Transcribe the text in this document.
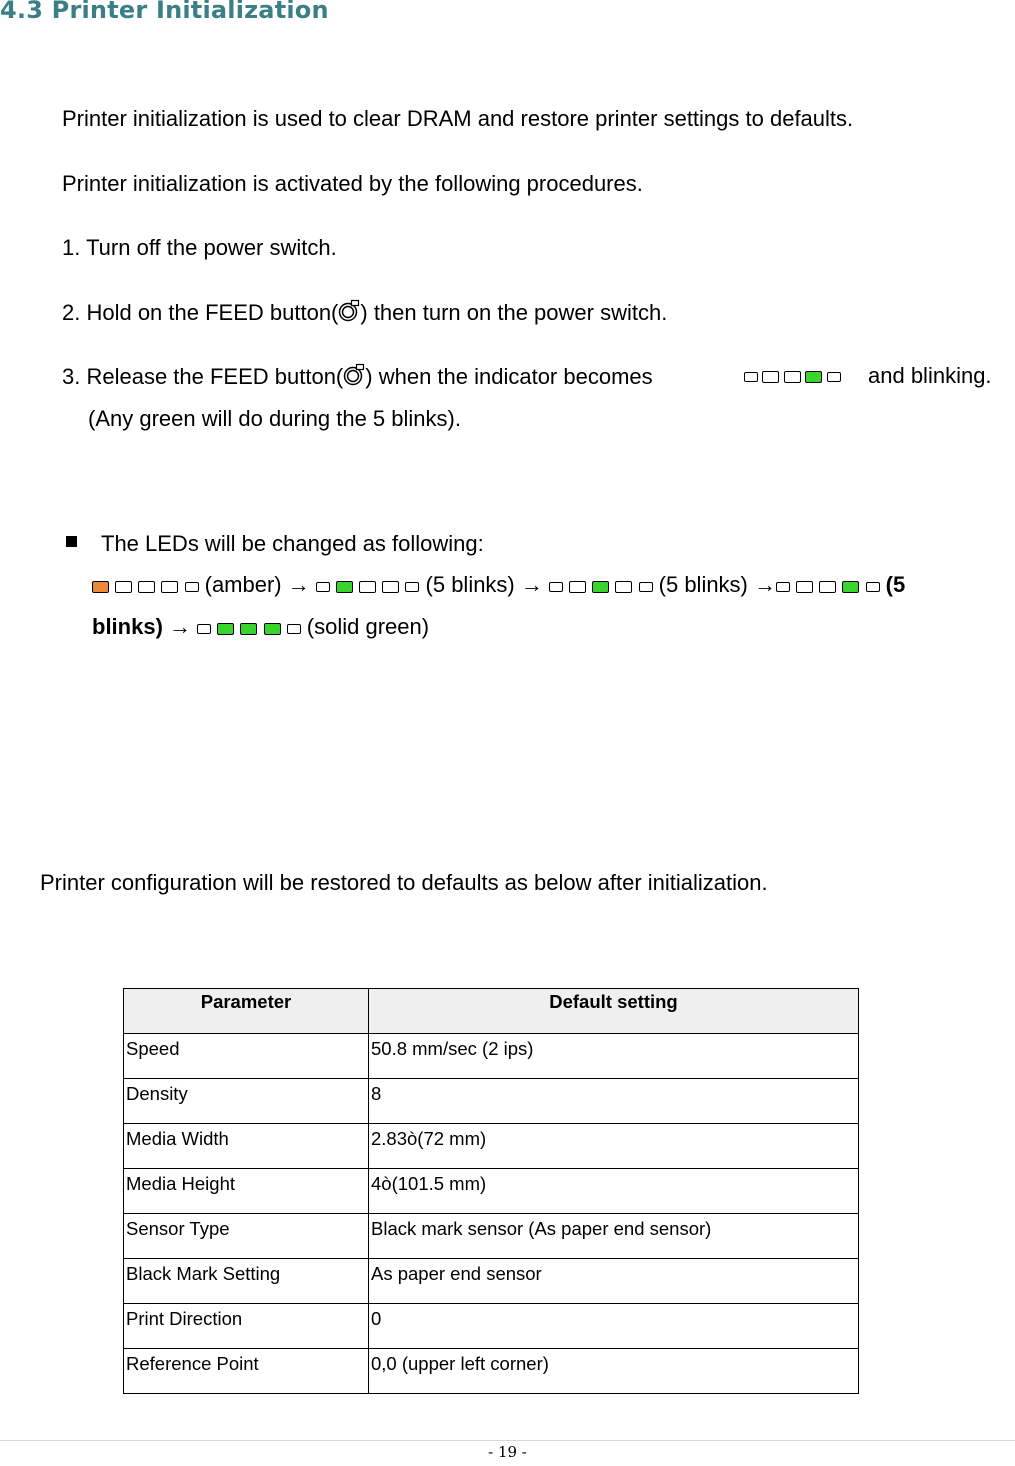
4.3 Printer Initialization
Printer initialization is used to clear DRAM and restore printer settings to defaults.
Printer initialization is activated by the following procedures.
1. Turn off the power switch.
2. Hold on the FEED button( ) then turn on the power switch.
3. Release the FEED button( ) when the indicator becomes
	and blinking.
(Any green will do during the 5 blinks).
The LEDs will be changed as following:
(amber) →	(5 blinks) →	(5 blinks) →	(5
blinks) →	(solid green)
Printer configuration will be restored to defaults as below after initialization.
Parameter	Default setting
Speed	50.8 mm/sec (2 ips)
Density	8
Media Width	2.83ò(72 mm)
Media Height	4ò(101.5 mm)
Sensor Type	Black mark sensor (As paper end sensor)
Black Mark Setting	As paper end sensor
Print Direction	0
Reference Point	0,0 (upper left corner)
- 19 -
